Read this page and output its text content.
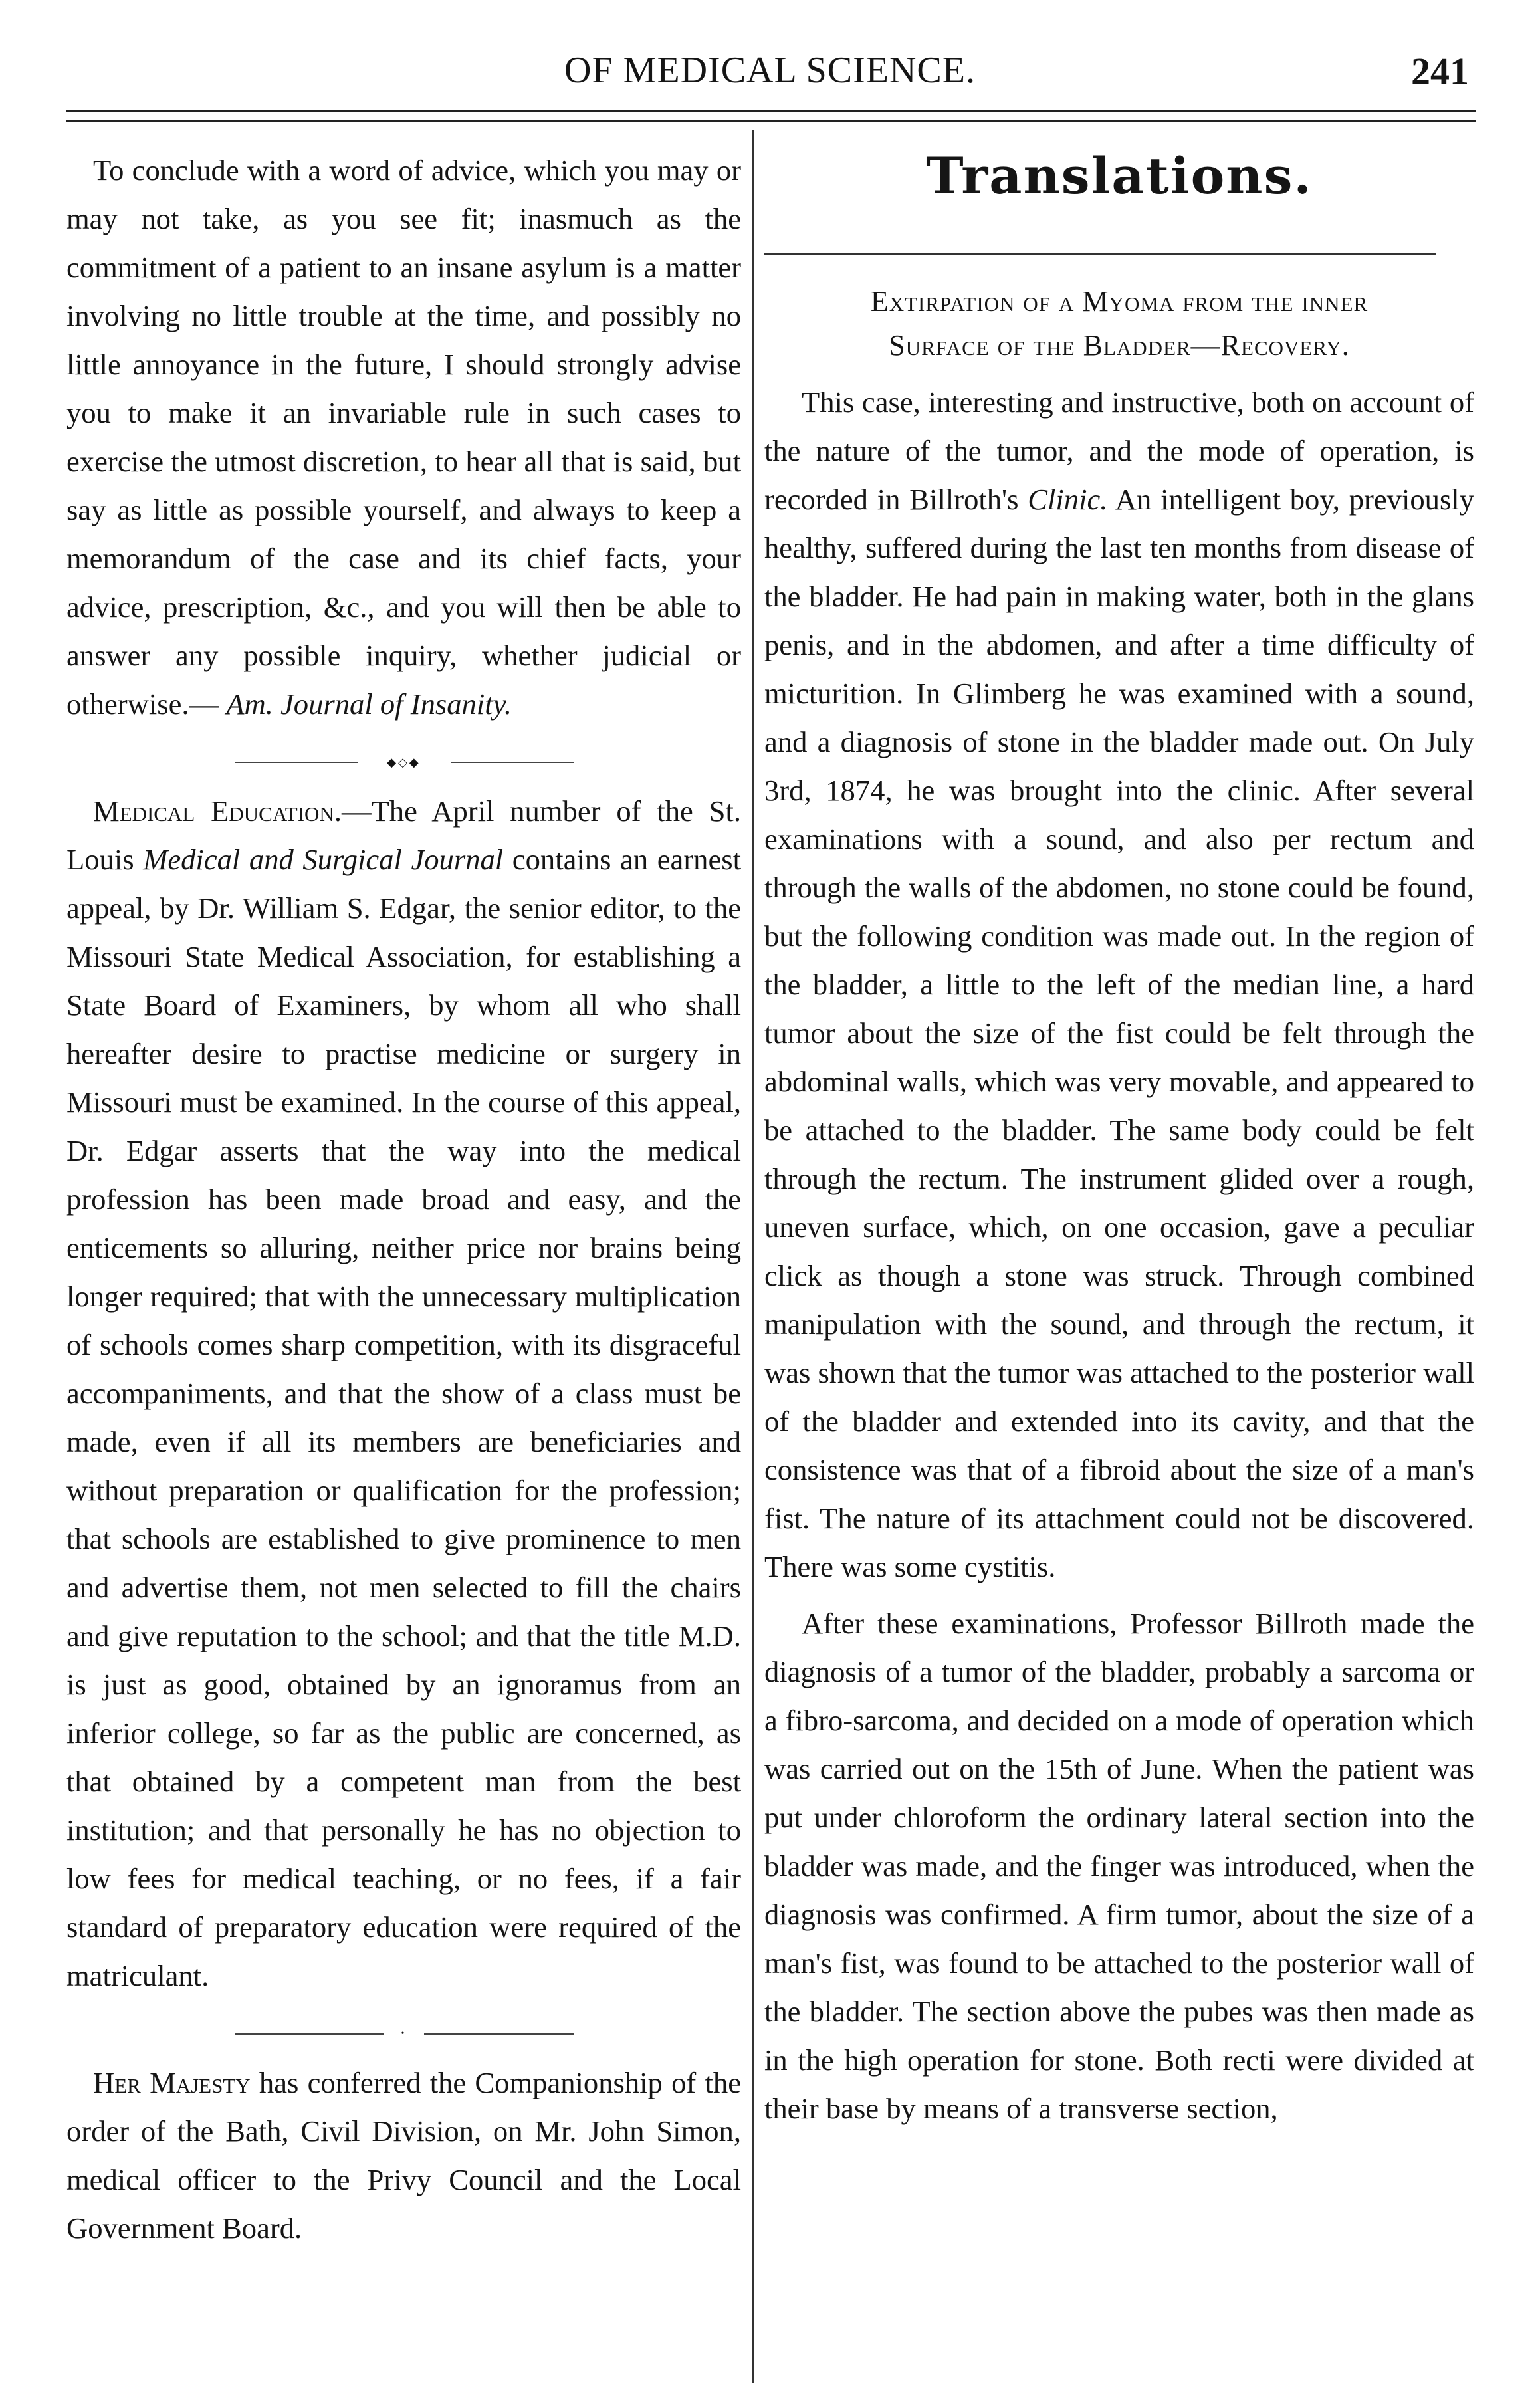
OF MEDICAL SCIENCE.	241

To conclude with a word of advice, which you may or may not take, as you see fit; inasmuch as the commitment of a patient to an insane asylum is a matter involving no little trouble at the time, and possibly no little annoyance in the future, I should strongly advise you to make it an invariable rule in such cases to exercise the utmost discretion, to hear all that is said, but say as little as possible yourself, and always to keep a memorandum of the case and its chief facts, your advice, prescription, &c., and you will then be able to answer any possible inquiry, whether judicial or otherwise.— Am. Journal of Insanity.

◆◇◆

Medical Education.—The April number of the St. Louis Medical and Surgical Journal contains an earnest appeal, by Dr. William S. Edgar, the senior editor, to the Missouri State Medical Association, for establishing a State Board of Examiners, by whom all who shall hereafter desire to practise medicine or surgery in Missouri must be examined. In the course of this appeal, Dr. Edgar asserts that the way into the medical profession has been made broad and easy, and the enticements so alluring, neither price nor brains being longer required; that with the unnecessary multiplication of schools comes sharp competition, with its disgraceful accompaniments, and that the show of a class must be made, even if all its members are beneficiaries and without preparation or qualification for the profession; that schools are established to give prominence to men and advertise them, not men selected to fill the chairs and give reputation to the school; and that the title M.D. is just as good, obtained by an ignoramus from an inferior college, so far as the public are concerned, as that obtained by a competent man from the best institution; and that personally he has no objection to low fees for medical teaching, or no fees, if a fair standard of preparatory education were required of the matriculant.

•

Her Majesty has conferred the Companionship of the order of the Bath, Civil Division, on Mr. John Simon, medical officer to the Privy Council and the Local Government Board.

Translations.
Extirpation of a Myoma from the inner
Surface of the Bladder—Recovery.

This case, interesting and instructive, both on account of the nature of the tumor, and the mode of operation, is recorded in Billroth's Clinic. An intelligent boy, previously healthy, suffered during the last ten months from disease of the bladder. He had pain in making water, both in the glans penis, and in the abdomen, and after a time difficulty of micturition. In Glimberg he was examined with a sound, and a diagnosis of stone in the bladder made out. On July 3rd, 1874, he was brought into the clinic. After several examinations with a sound, and also per rectum and through the walls of the abdomen, no stone could be found, but the following condition was made out. In the region of the bladder, a little to the left of the median line, a hard tumor about the size of the fist could be felt through the abdominal walls, which was very movable, and appeared to be attached to the bladder. The same body could be felt through the rectum. The instrument glided over a rough, uneven surface, which, on one occasion, gave a peculiar click as though a stone was struck. Through combined manipulation with the sound, and through the rectum, it was shown that the tumor was attached to the posterior wall of the bladder and extended into its cavity, and that the consistence was that of a fibroid about the size of a man's fist. The nature of its attachment could not be discovered. There was some cystitis.

After these examinations, Professor Billroth made the diagnosis of a tumor of the bladder, probably a sarcoma or a fibro-sarcoma, and decided on a mode of operation which was carried out on the 15th of June. When the patient was put under chloroform the ordinary lateral section into the bladder was made, and the finger was introduced, when the diagnosis was confirmed. A firm tumor, about the size of a man's fist, was found to be attached to the posterior wall of the bladder. The section above the pubes was then made as in the high operation for stone. Both recti were divided at their base by means of a transverse section,
